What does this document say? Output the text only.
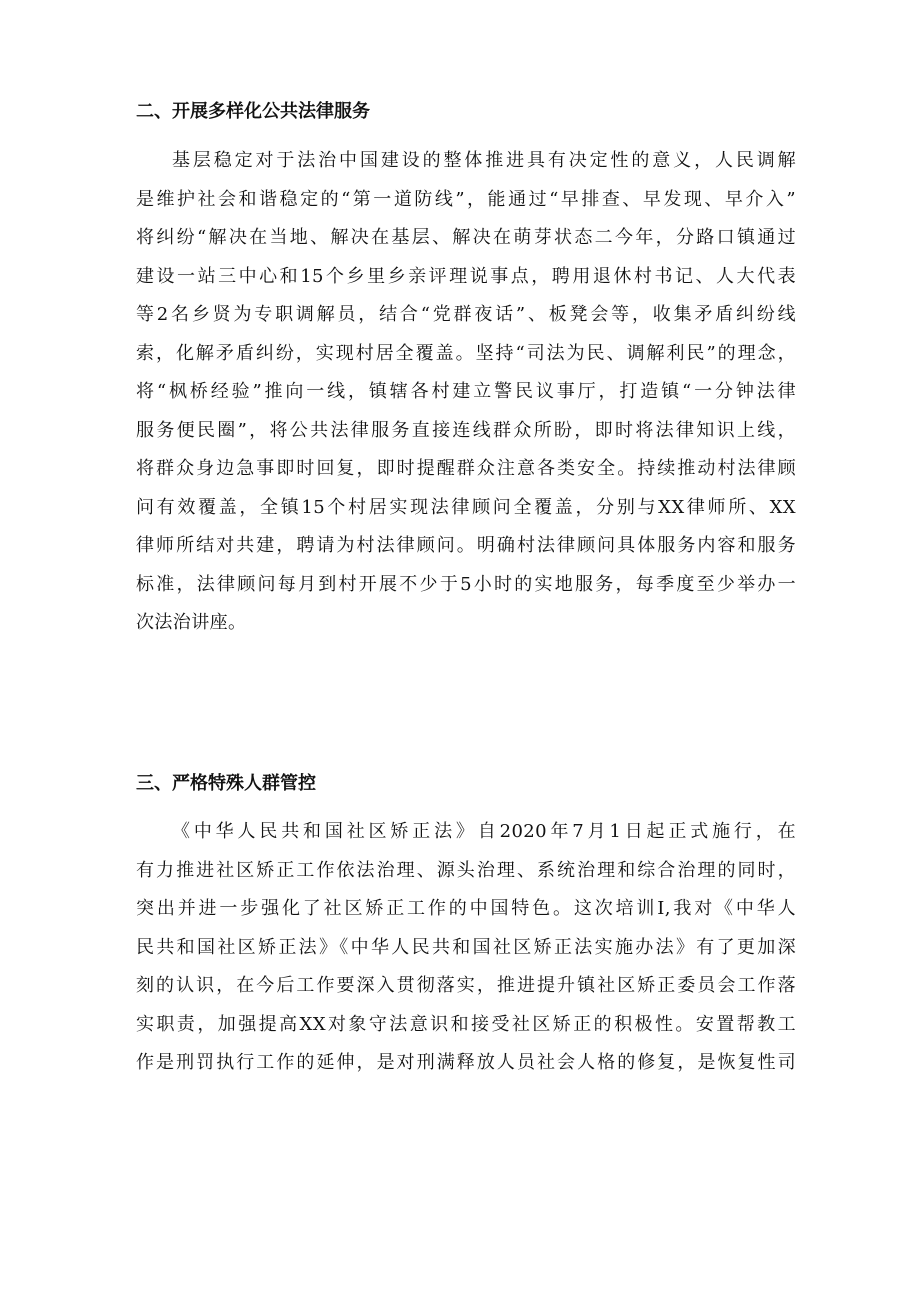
二、开展多样化公共法律服务
基层稳定对于法治中国建设的整体推进具有决定性的意义，人民调解
是维护社会和谐稳定的“第一道防线”，能通过“早排查、早发现、早介入”
将纠纷“解决在当地、解决在基层、解决在萌芽状态二今年，分路口镇通过
建设一站三中心和15个乡里乡亲评理说事点，聘用退休村书记、人大代表
等2名乡贤为专职调解员，结合“党群夜话”、板凳会等，收集矛盾纠纷线
索，化解矛盾纠纷，实现村居全覆盖。坚持“司法为民、调解利民”的理念，
将“枫桥经验”推向一线，镇辖各村建立警民议事厅，打造镇“一分钟法律
服务便民圈”，将公共法律服务直接连线群众所盼，即时将法律知识上线，
将群众身边急事即时回复，即时提醒群众注意各类安全。持续推动村法律顾
问有效覆盖，全镇15个村居实现法律顾问全覆盖，分别与XX律师所、XX
律师所结对共建，聘请为村法律顾问。明确村法律顾问具体服务内容和服务
标准，法律顾问每月到村开展不少于5小时的实地服务，每季度至少举办一
次法治讲座。
三、严格特殊人群管控
《中华人民共和国社区矫正法》自2020年7月1日起正式施行，在
有力推进社区矫正工作依法治理、源头治理、系统治理和综合治理的同时，
突出并进一步强化了社区矫正工作的中国特色。这次培训I,我对《中华人
民共和国社区矫正法》《中华人民共和国社区矫正法实施办法》有了更加深
刻的认识，在今后工作要深入贯彻落实，推进提升镇社区矫正委员会工作落
实职责，加强提高XX对象守法意识和接受社区矫正的积极性。安置帮教工
作是刑罚执行工作的延伸，是对刑满释放人员社会人格的修复，是恢复性司
